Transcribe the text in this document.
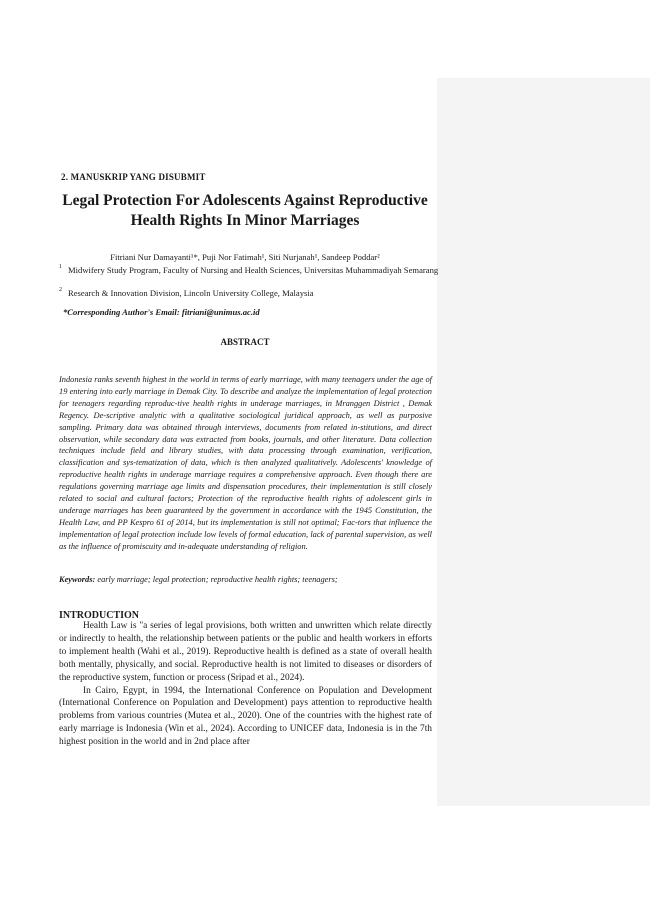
2. MANUSKRIP YANG DISUBMIT
Legal Protection For Adolescents Against Reproductive
Health Rights In Minor Marriages
Fitriani Nur Damayanti¹*, Puji Nor Fatimah¹, Siti Nurjanah¹, Sandeep Poddar²
1 Midwifery Study Program, Faculty of Nursing and Health Sciences, Universitas Muhammadiyah Semarang
2 Research & Innovation Division, Lincoln University College, Malaysia
*Corresponding Author's Email: fitriani@unimus.ac.id
ABSTRACT
Indonesia ranks seventh highest in the world in terms of early marriage, with many teenagers under the age of 19 entering into early marriage in Demak City. To describe and analyze the implementation of legal protection for teenagers regarding reproduc-tive health rights in underage marriages, in Mranggen District , Demak Regency. De-scriptive analytic with a qualitative sociological juridical approach, as well as purposive sampling. Primary data was obtained through interviews, documents from related in-stitutions, and direct observation, while secondary data was extracted from books, journals, and other literature. Data collection techniques include field and library studies, with data processing through examination, verification, classification and sys-tematization of data, which is then analyzed qualitatively. Adolescents' knowledge of reproductive health rights in underage marriage requires a comprehensive approach. Even though there are regulations governing marriage age limits and dispensation procedures, their implementation is still closely related to social and cultural factors; Protection of the reproductive health rights of adolescent girls in underage marriages has been guaranteed by the government in accordance with the 1945 Constitution, the Health Law, and PP Kespro 61 of 2014, but its implementation is still not optimal; Fac-tors that influence the implementation of legal protection include low levels of formal education, lack of parental supervision, as well as the influence of promiscuity and in-adequate understanding of religion.
Keywords: early marriage; legal protection; reproductive health rights; teenagers;
INTRODUCTION

Health Law is "a series of legal provisions, both written and unwritten which relate directly or indirectly to health, the relationship between patients or the public and health workers in efforts to implement health (Wahi et al., 2019). Reproductive health is defined as a state of overall health both mentally, physically, and social. Reproductive health is not limited to diseases or disorders of the reproductive system, function or process (Sripad et al., 2024).

In Cairo, Egypt, in 1994, the International Conference on Population and Development (International Conference on Population and Development) pays attention to reproductive health problems from various countries (Mutea et al., 2020). One of the countries with the highest rate of early marriage is Indonesia (Win et al., 2024). According to UNICEF data, Indonesia is in the 7th highest position in the world and in 2nd place after
